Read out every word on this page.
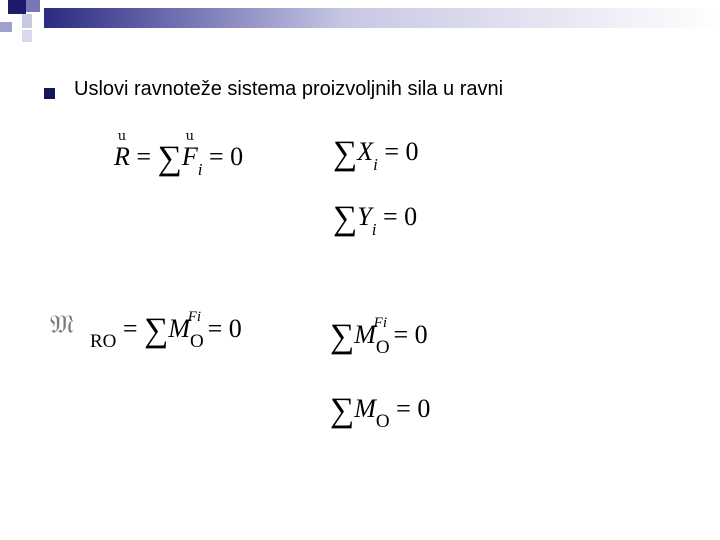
Uslovi ravnoteže sistema proizvoljnih sila u ravni
ս
R = ∑
ս
$F_i = 0$	$\sum X_i = 0$
$\sum Y_i = 0$
𝔐
$_{RO} = \sum M_O^{Fi} = 0$	$\sum M_O^{Fi} = 0$
$\sum M_O = 0$
